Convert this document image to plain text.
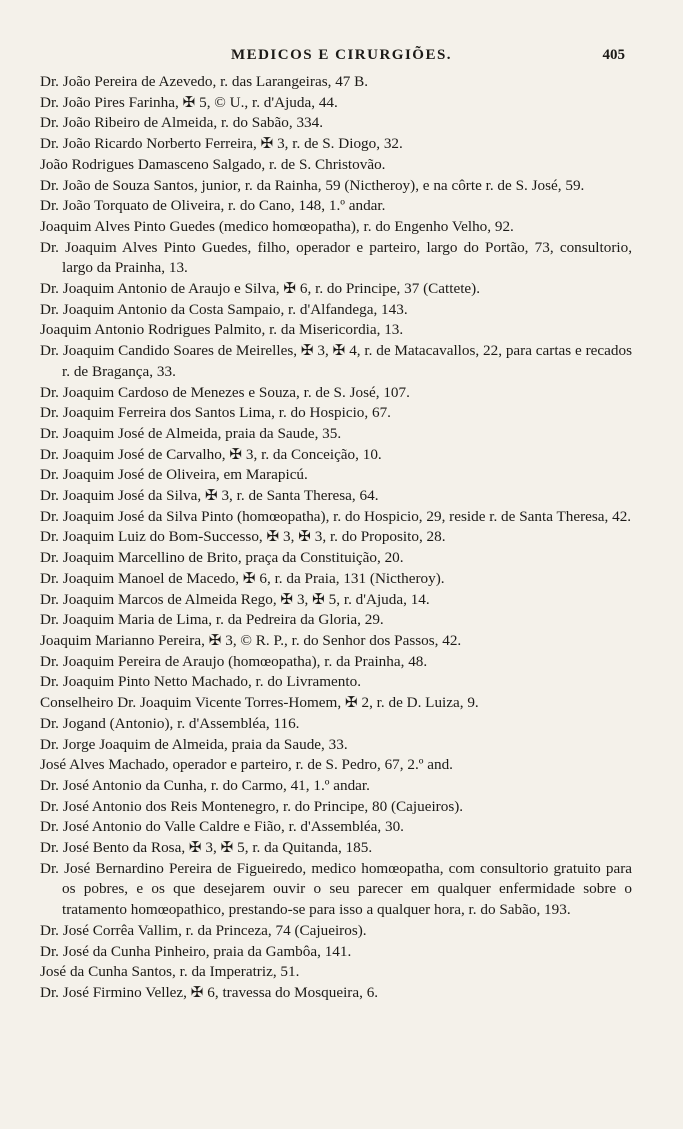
MEDICOS E CIRURGIÕES.	405

Dr. João Pereira de Azevedo, r. das Larangeiras, 47 B.

Dr. João Pires Farinha, ✠ 5, © U., r. d'Ajuda, 44.

Dr. João Ribeiro de Almeida, r. do Sabão, 334.

Dr. João Ricardo Norberto Ferreira, ✠ 3, r. de S. Diogo, 32.

João Rodrigues Damasceno Salgado, r. de S. Christovão.

Dr. João de Souza Santos, junior, r. da Rainha, 59 (Nictheroy), e na côrte r. de S. José, 59.

Dr. João Torquato de Oliveira, r. do Cano, 148, 1.º andar.

Joaquim Alves Pinto Guedes (medico homœopatha), r. do Engenho Velho, 92.

Dr. Joaquim Alves Pinto Guedes, filho, operador e parteiro, largo do Portão, 73, consultorio, largo da Prainha, 13.

Dr. Joaquim Antonio de Araujo e Silva, ✠ 6, r. do Principe, 37 (Cattete).

Dr. Joaquim Antonio da Costa Sampaio, r. d'Alfandega, 143.

Joaquim Antonio Rodrigues Palmito, r. da Misericordia, 13.

Dr. Joaquim Candido Soares de Meirelles, ✠ 3, ✠ 4, r. de Matacavallos, 22, para cartas e recados r. de Bragança, 33.

Dr. Joaquim Cardoso de Menezes e Souza, r. de S. José, 107.

Dr. Joaquim Ferreira dos Santos Lima, r. do Hospicio, 67.

Dr. Joaquim José de Almeida, praia da Saude, 35.

Dr. Joaquim José de Carvalho, ✠ 3, r. da Conceição, 10.

Dr. Joaquim José de Oliveira, em Marapicú.

Dr. Joaquim José da Silva, ✠ 3, r. de Santa Theresa, 64.

Dr. Joaquim José da Silva Pinto (homœopatha), r. do Hospicio, 29, reside r. de Santa Theresa, 42.

Dr. Joaquim Luiz do Bom-Successo, ✠ 3, ✠ 3, r. do Proposito, 28.

Dr. Joaquim Marcellino de Brito, praça da Constituição, 20.

Dr. Joaquim Manoel de Macedo, ✠ 6, r. da Praia, 131 (Nictheroy).

Dr. Joaquim Marcos de Almeida Rego, ✠ 3, ✠ 5, r. d'Ajuda, 14.

Dr. Joaquim Maria de Lima, r. da Pedreira da Gloria, 29.

Joaquim Marianno Pereira, ✠ 3, © R. P., r. do Senhor dos Passos, 42.

Dr. Joaquim Pereira de Araujo (homœopatha), r. da Prainha, 48.

Dr. Joaquim Pinto Netto Machado, r. do Livramento.

Conselheiro Dr. Joaquim Vicente Torres-Homem, ✠ 2, r. de D. Luiza, 9.

Dr. Jogand (Antonio), r. d'Assembléa, 116.

Dr. Jorge Joaquim de Almeida, praia da Saude, 33.

José Alves Machado, operador e parteiro, r. de S. Pedro, 67, 2.º and.

Dr. José Antonio da Cunha, r. do Carmo, 41, 1.º andar.

Dr. José Antonio dos Reis Montenegro, r. do Principe, 80 (Cajueiros).

Dr. José Antonio do Valle Caldre e Fião, r. d'Assembléa, 30.

Dr. José Bento da Rosa, ✠ 3, ✠ 5, r. da Quitanda, 185.

Dr. José Bernardino Pereira de Figueiredo, medico homœopatha, com consultorio gratuito para os pobres, e os que desejarem ouvir o seu parecer em qualquer enfermidade sobre o tratamento homœopathico, prestando-se para isso a qualquer hora, r. do Sabão, 193.

Dr. José Corrêa Vallim, r. da Princeza, 74 (Cajueiros).

Dr. José da Cunha Pinheiro, praia da Gambôa, 141.

José da Cunha Santos, r. da Imperatriz, 51.

Dr. José Firmino Vellez, ✠ 6, travessa do Mosqueira, 6.
